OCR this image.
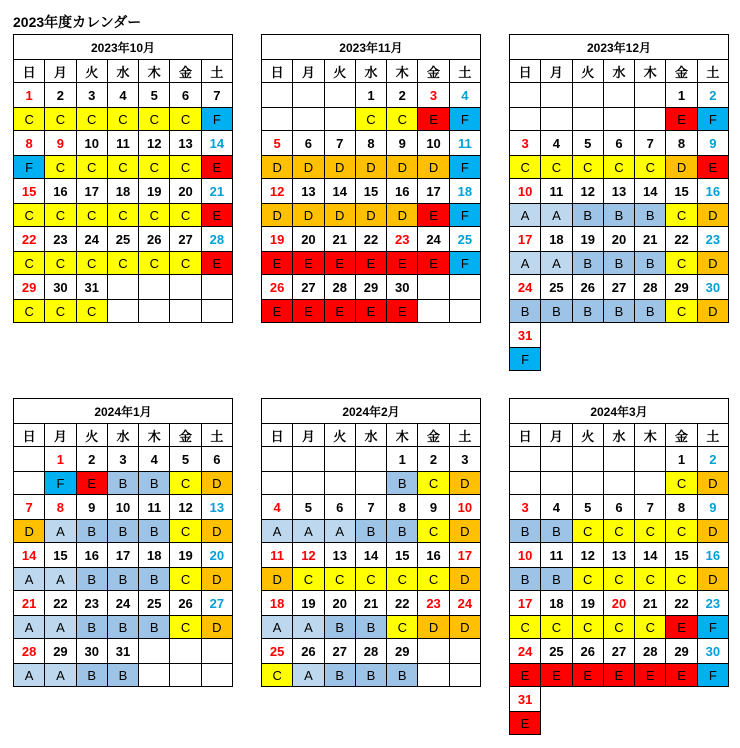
2023年度カレンダー
2023年10月						
日	月	火	水	木	金	土
1	2	3	4	5	6	7
C	C	C	C	C	C	F
8	9	10	11	12	13	14
F	C	C	C	C	C	E
15	16	17	18	19	20	21
C	C	C	C	C	C	E
22	23	24	25	26	27	28
C	C	C	C	C	C	E
29	30	31				
C	C	C				
2023年11月						
日	月	火	水	木	金	土
			1	2	3	4
			C	C	E	F
5	6	7	8	9	10	11
D	D	D	D	D	D	F
12	13	14	15	16	17	18
D	D	D	D	D	E	F
19	20	21	22	23	24	25
E	E	E	E	E	E	F
26	27	28	29	30		
E	E	E	E	E		
2023年12月						
日	月	火	水	木	金	土
					1	2
					E	F
3	4	5	6	7	8	9
C	C	C	C	C	D	E
10	11	12	13	14	15	16
A	A	B	B	B	C	D
17	18	19	20	21	22	23
A	A	B	B	B	C	D
24	25	26	27	28	29	30
B	B	B	B	B	C	D
31						
F						
2024年1月						
日	月	火	水	木	金	土
	1	2	3	4	5	6
	F	E	B	B	C	D
7	8	9	10	11	12	13
D	A	B	B	B	C	D
14	15	16	17	18	19	20
A	A	B	B	B	C	D
21	22	23	24	25	26	27
A	A	B	B	B	C	D
28	29	30	31			
A	A	B	B			
2024年2月						
日	月	火	水	木	金	土
				1	2	3
				B	C	D
4	5	6	7	8	9	10
A	A	A	B	B	C	D
11	12	13	14	15	16	17
D	C	C	C	C	C	D
18	19	20	21	22	23	24
A	A	B	B	C	D	D
25	26	27	28	29		
C	A	B	B	B		
2024年3月						
日	月	火	水	木	金	土
					1	2
					C	D
3	4	5	6	7	8	9
B	B	C	C	C	C	D
10	11	12	13	14	15	16
B	B	C	C	C	C	D
17	18	19	20	21	22	23
C	C	C	C	C	E	F
24	25	26	27	28	29	30
E	E	E	E	E	E	F
31						
E						
